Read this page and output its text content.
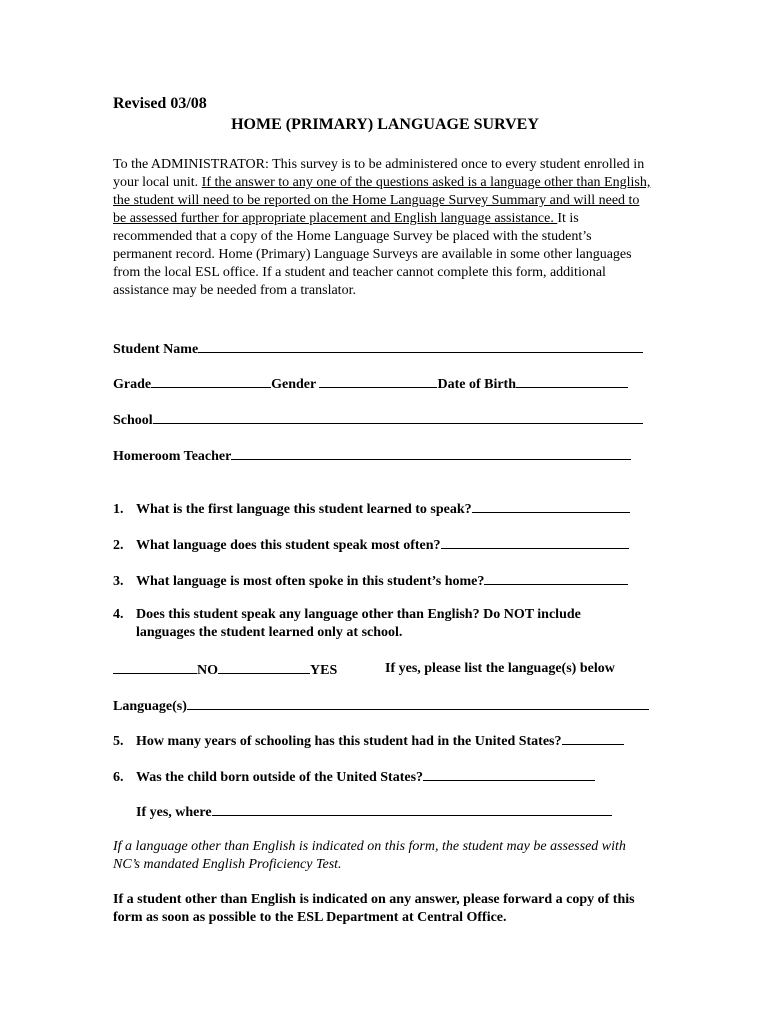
Revised 03/08
HOME (PRIMARY) LANGUAGE SURVEY
To the ADMINISTRATOR: This survey is to be administered once to every student enrolled in your local unit. If the answer to any one of the questions asked is a language other than English, the student will need to be reported on the Home Language Survey Summary and will need to be assessed further for appropriate placement and English language assistance. It is recommended that a copy of the Home Language Survey be placed with the student’s permanent record. Home (Primary) Language Surveys are available in some other languages from the local ESL office. If a student and teacher cannot complete this form, additional assistance may be needed from a translator.
Student Name
Grade	Gender	Date of Birth
School
Homeroom Teacher
1. What is the first language this student learned to speak?
2. What language does this student speak most often?
3. What language is most often spoke in this student’s home?
4. Does this student speak any language other than English? Do NOT include
languages the student learned only at school.
NO	YES	If yes, please list the language(s) below
Language(s)
5. How many years of schooling has this student had in the United States?
6. Was the child born outside of the United States?
If yes, where
If a language other than English is indicated on this form, the student may be assessed with NC’s mandated English Proficiency Test.
If a student other than English is indicated on any answer, please forward a copy of this form as soon as possible to the ESL Department at Central Office.
